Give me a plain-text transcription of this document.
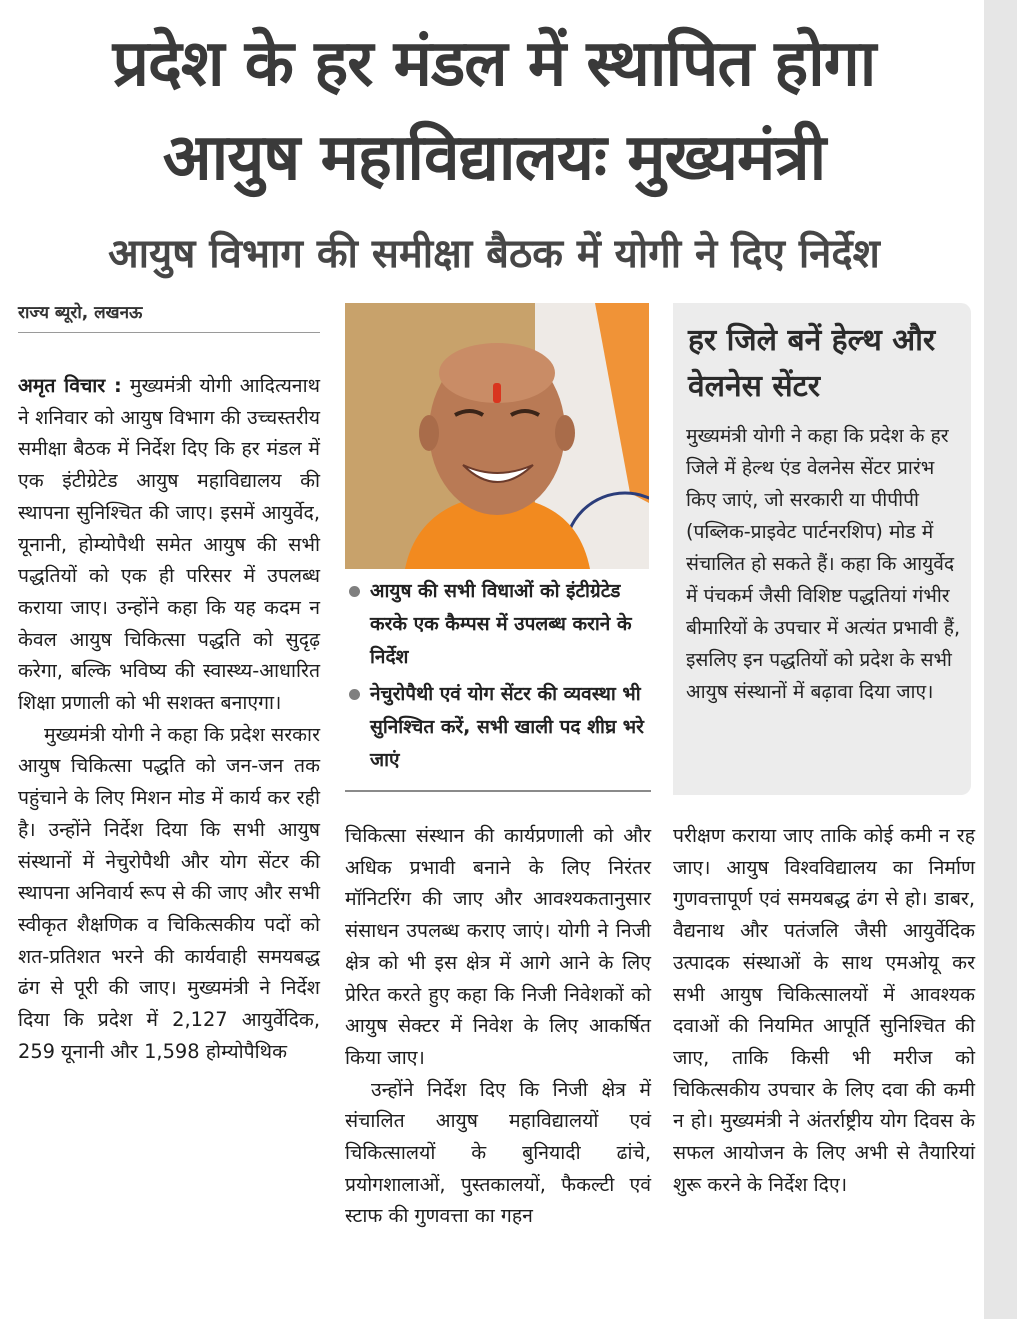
प्रदेश के हर मंडल में स्थापित होगा
आयुष महाविद्यालयः मुख्यमंत्री
आयुष विभाग की समीक्षा बैठक में योगी ने दिए निर्देश
राज्य ब्यूरो, लखनऊ

अमृत विचार : मुख्यमंत्री योगी आदित्यनाथ ने शनिवार को आयुष विभाग की उच्चस्तरीय समीक्षा बैठक में निर्देश दिए कि हर मंडल में एक इंटीग्रेटेड आयुष महाविद्यालय की स्थापना सुनिश्चित की जाए। इसमें आयुर्वेद, यूनानी, होम्योपैथी समेत आयुष की सभी पद्धतियों को एक ही परिसर में उपलब्ध कराया जाए। उन्होंने कहा कि यह कदम न केवल आयुष चिकित्सा पद्धति को सुदृढ़ करेगा, बल्कि भविष्य की स्वास्थ्य-आधारित शिक्षा प्रणाली को भी सशक्त बनाएगा।

मुख्यमंत्री योगी ने कहा कि प्रदेश सरकार आयुष चिकित्सा पद्धति को जन-जन तक पहुंचाने के लिए मिशन मोड में कार्य कर रही है। उन्होंने निर्देश दिया कि सभी आयुष संस्थानों में नेचुरोपैथी और योग सेंटर की स्थापना अनिवार्य रूप से की जाए और सभी स्वीकृत शैक्षणिक व चिकित्सकीय पदों को शत-प्रतिशत भरने की कार्यवाही समयबद्ध ढंग से पूरी की जाए। मुख्यमंत्री ने निर्देश दिया कि प्रदेश में 2,127 आयुर्वेदिक, 259 यूनानी और 1,598 होम्योपैथिक

आयुष की सभी विधाओं को इंटीग्रेटेड करके एक कैम्पस में उपलब्ध कराने के निर्देश
नेचुरोपैथी एवं योग सेंटर की व्यवस्था भी सुनिश्चित करें, सभी खाली पद शीघ्र भरे जाएं

चिकित्सा संस्थान की कार्यप्रणाली को और अधिक प्रभावी बनाने के लिए निरंतर मॉनिटरिंग की जाए और आवश्यकतानुसार संसाधन उपलब्ध कराए जाएं। योगी ने निजी क्षेत्र को भी इस क्षेत्र में आगे आने के लिए प्रेरित करते हुए कहा कि निजी निवेशकों को आयुष सेक्टर में निवेश के लिए आकर्षित किया जाए।

उन्होंने निर्देश दिए कि निजी क्षेत्र में संचालित आयुष महाविद्यालयों एवं चिकित्सालयों के बुनियादी ढांचे, प्रयोगशालाओं, पुस्तकालयों, फैकल्टी एवं स्टाफ की गुणवत्ता का गहन

परीक्षण कराया जाए ताकि कोई कमी न रह जाए। आयुष विश्वविद्यालय का निर्माण गुणवत्तापूर्ण एवं समयबद्ध ढंग से हो। डाबर, वैद्यनाथ और पतंजलि जैसी आयुर्वेदिक उत्पादक संस्थाओं के साथ एमओयू कर सभी आयुष चिकित्सालयों में आवश्यक दवाओं की नियमित आपूर्ति सुनिश्चित की जाए, ताकि किसी भी मरीज को चिकित्सकीय उपचार के लिए दवा की कमी न हो। मुख्यमंत्री ने अंतर्राष्ट्रीय योग दिवस के सफल आयोजन के लिए अभी से तैयारियां शुरू करने के निर्देश दिए।

हर जिले बनें हेल्थ और वेलनेस सेंटर

मुख्यमंत्री योगी ने कहा कि प्रदेश के हर जिले में हेल्थ एंड वेलनेस सेंटर प्रारंभ किए जाएं, जो सरकारी या पीपीपी (पब्लिक-प्राइवेट पार्टनरशिप) मोड में संचालित हो सकते हैं। कहा कि आयुर्वेद में पंचकर्म जैसी विशिष्ट पद्धतियां गंभीर बीमारियों के उपचार में अत्यंत प्रभावी हैं, इसलिए इन पद्धतियों को प्रदेश के सभी आयुष संस्थानों में बढ़ावा दिया जाए।
